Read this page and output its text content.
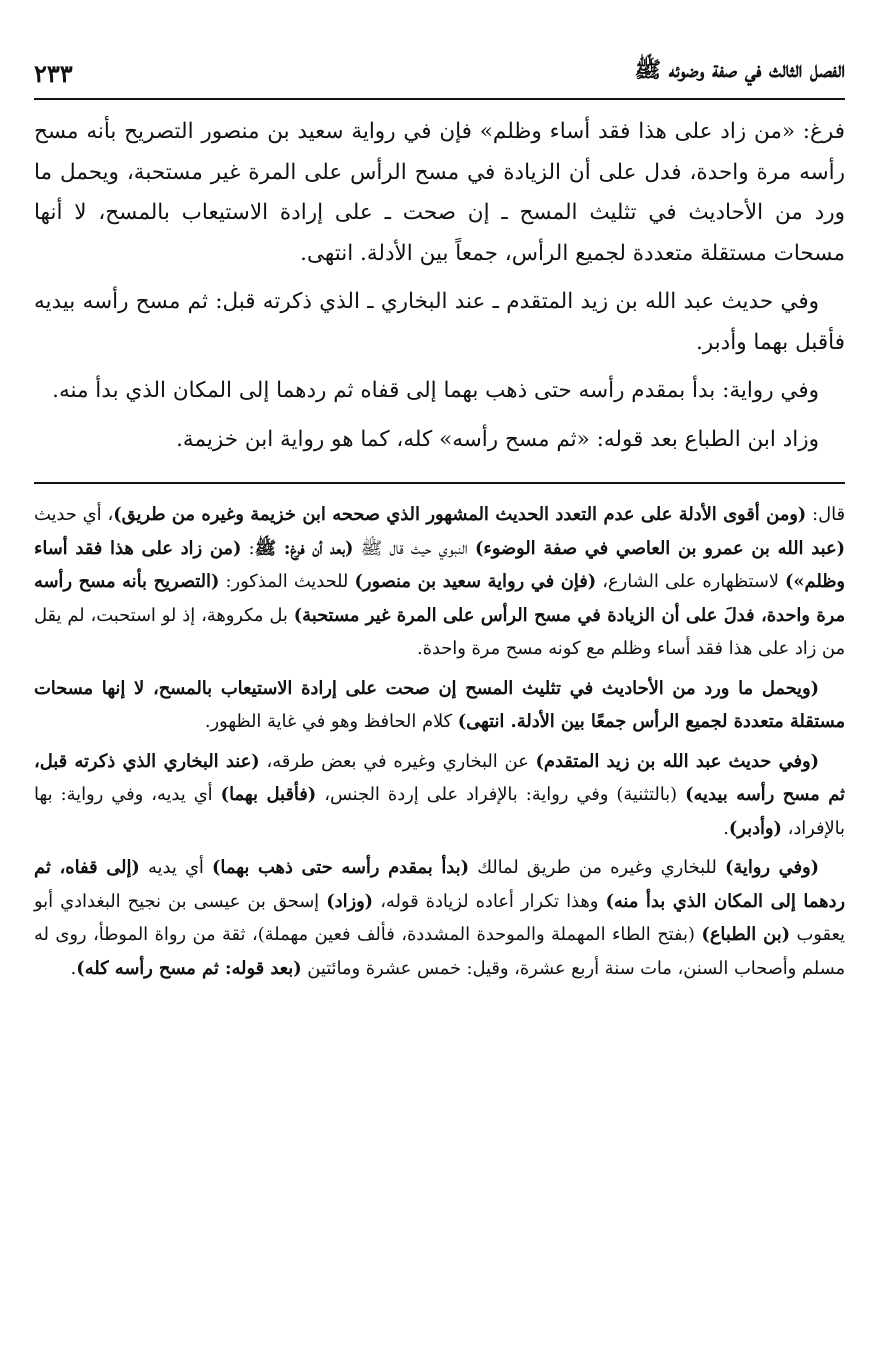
الفصل الثالث في صفة وضوئه ﷺ
٢٣٣

فرغ: «من زاد على هذا فقد أساء وظلم» فإن في رواية سعيد بن منصور التصريح بأنه مسح رأسه مرة واحدة، فدل على أن الزيادة في مسح الرأس على المرة غير مستحبة، ويحمل ما ورد من الأحاديث في تثليث المسح ـ إن صحت ـ على إرادة الاستيعاب بالمسح، لا أنها مسحات مستقلة متعددة لجميع الرأس، جمعاً بين الأدلة. انتهى.

وفي حديث عبد الله بن زيد المتقدم ـ عند البخاري ـ الذي ذكرته قبل: ثم مسح رأسه بيديه فأقبل بهما وأدبر.

وفي رواية: بدأ بمقدم رأسه حتى ذهب بهما إلى قفاه ثم ردهما إلى المكان الذي بدأ منه.

وزاد ابن الطباع بعد قوله: «ثم مسح رأسه» كله، كما هو رواية ابن خزيمة.

قال: (ومن أقوى الأدلة على عدم التعدد الحديث المشهور الذي صححه ابن خزيمة وغيره من طريق)، أي حديث (عبد الله بن عمرو بن العاصي في صفة الوضوء) النبوي حيث قال ﷺ (بعد أن فرغ: ﷺ: (من زاد على هذا فقد أساء وظلم») لاستظهاره على الشارع، (فإن في رواية سعيد بن منصور) للحديث المذكور: (التصريح بأنه مسح رأسه مرة واحدة، فدلَ على أن الزيادة في مسح الرأس على المرة غير مستحبة) بل مكروهة، إذ لو استحبت، لم يقل من زاد على هذا فقد أساء وظلم مع كونه مسح مرة واحدة.

(ويحمل ما ورد من الأحاديث في تثليث المسح إن صحت على إرادة الاستيعاب بالمسح، لا إنها مسحات مستقلة متعددة لجميع الرأس جمعًا بين الأدلة. انتهى) كلام الحافظ وهو في غاية الظهور.

(وفي حديث عبد الله بن زيد المتقدم) عن البخاري وغيره في بعض طرقه، (عند البخاري الذي ذكرته قبل، ثم مسح رأسه بيديه) (بالتثنية) وفي رواية: بالإفراد على إردة الجنس، (فأقبل بهما) أي يديه، وفي رواية: بها بالإفراد، (وأدبر).

(وفي رواية) للبخاري وغيره من طريق لمالك (بدأ بمقدم رأسه حتى ذهب بهما) أي يديه (إلى قفاه، ثم ردهما إلى المكان الذي بدأ منه) وهذا تكرار أعاده لزيادة قوله، (وزاد) إسحق بن عيسى بن نجيح البغدادي أبو يعقوب (بن الطباع) (بفتح الطاء المهملة والموحدة المشددة، فألف فعين مهملة)، ثقة من رواة الموطأ، روى له مسلم وأصحاب السنن، مات سنة أربع عشرة، وقيل: خمس عشرة ومائتين (بعد قوله: ثم مسح رأسه كله).
